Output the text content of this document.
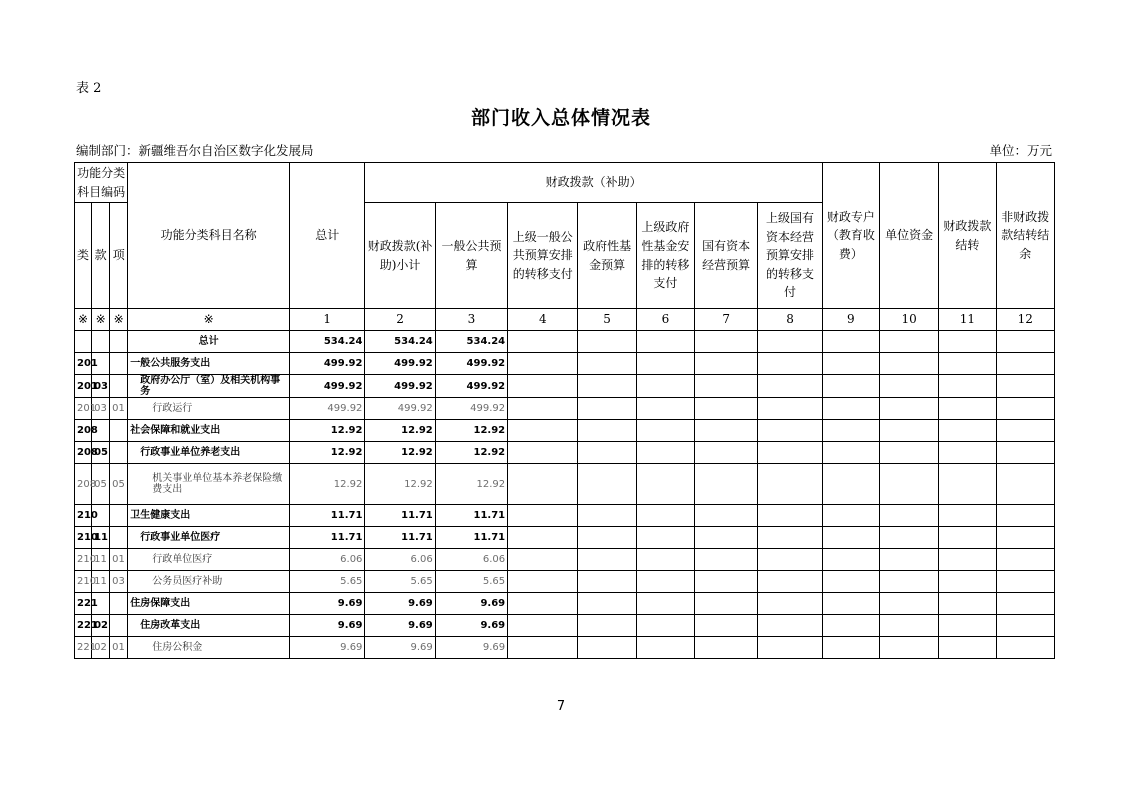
表 2
部门收入总体情况表
编制部门：新疆维吾尔自治区数字化发展局	单位：万元
功能分类科目编码			功能分类科目名称	总计	财政拨款（补助）							财政专户（教育收费）	单位资金	财政拨款结转	非财政拨款结转结余
类	款	项			财政拨款(补助)小计	一般公共预算	上级一般公共预算安排的转移支付	政府性基金预算	上级政府性基金安排的转移支付	国有资本经营预算	上级国有资本经营预算安排的转移支付				

※	※	※	※	1	2	3	4	5	6	7	8	9	10	11	12
			总计	534.24	534.24	534.24									
201			一般公共服务支出	499.92	499.92	499.92									
201	03		政府办公厅（室）及相关机构事务	499.92	499.92	499.92									
201	03	01	行政运行	499.92	499.92	499.92									
208			社会保障和就业支出	12.92	12.92	12.92									
208	05		行政事业单位养老支出	12.92	12.92	12.92									
208	05	05	机关事业单位基本养老保险缴费支出	12.92	12.92	12.92									
210			卫生健康支出	11.71	11.71	11.71									
210	11		行政事业单位医疗	11.71	11.71	11.71									
210	11	01	行政单位医疗	6.06	6.06	6.06									
210	11	03	公务员医疗补助	5.65	5.65	5.65									
221			住房保障支出	9.69	9.69	9.69									
221	02		住房改革支出	9.69	9.69	9.69									
221	02	01	住房公积金	9.69	9.69	9.69									
7
